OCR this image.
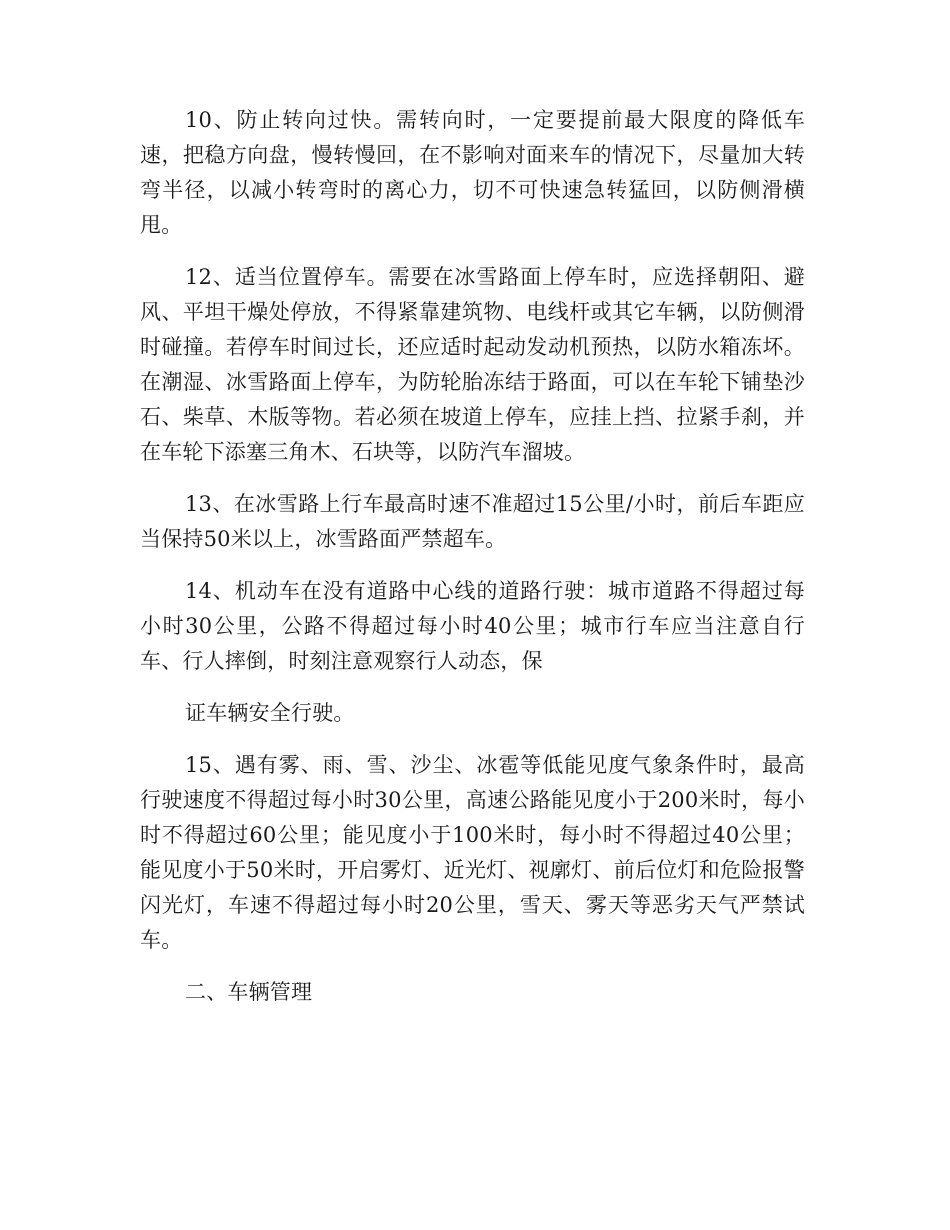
10、防止转向过快。需转向时，一定要提前最大限度的降低车速，把稳方向盘，慢转慢回，在不影响对面来车的情况下，尽量加大转弯半径，以减小转弯时的离心力，切不可快速急转猛回，以防侧滑横甩。

12、适当位置停车。需要在冰雪路面上停车时，应选择朝阳、避风、平坦干燥处停放，不得紧靠建筑物、电线杆或其它车辆，以防侧滑时碰撞。若停车时间过长，还应适时起动发动机预热，以防水箱冻坏。在潮湿、冰雪路面上停车，为防轮胎冻结于路面，可以在车轮下铺垫沙石、柴草、木版等物。若必须在坡道上停车，应挂上挡、拉紧手刹，并在车轮下添塞三角木、石块等，以防汽车溜坡。

13、在冰雪路上行车最高时速不准超过15公里/小时，前后车距应当保持50米以上，冰雪路面严禁超车。

14、机动车在没有道路中心线的道路行驶：城市道路不得超过每小时30公里，公路不得超过每小时40公里；城市行车应当注意自行车、行人摔倒，时刻注意观察行人动态，保

证车辆安全行驶。

15、遇有雾、雨、雪、沙尘、冰雹等低能见度气象条件时，最高行驶速度不得超过每小时30公里，高速公路能见度小于200米时，每小时不得超过60公里；能见度小于100米时，每小时不得超过40公里；能见度小于50米时，开启雾灯、近光灯、视廓灯、前后位灯和危险报警闪光灯，车速不得超过每小时20公里，雪天、雾天等恶劣天气严禁试车。

二、车辆管理
